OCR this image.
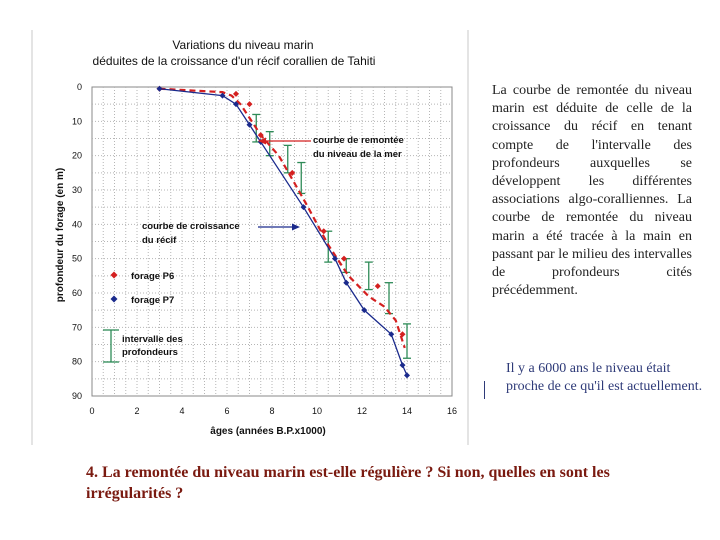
0	2	4	6	8	10	12	14	16
0
10
20
30
40
50
60
70
80
90
courbe de remontée
du niveau de la mer
courbe de croissance
du récif
forage P6
forage P7
intervalle des
profondeurs
Variations du niveau marin
déduites de la croissance d'un récif corallien de Tahiti
âges (années B.P.x1000)
profondeur du forage (en m)
La courbe de remontée du niveau marin est déduite de celle de la croissance du récif en tenant compte de l'intervalle des profondeurs auxquelles se développent les différentes associations algo-coralliennes. La courbe de remontée du niveau marin a été tracée à la main en passant par le milieu des intervalles de profondeurs cités précédemment.
Il y a 6000 ans le niveau était proche de ce qu'il est actuellement.
4. La remontée du niveau marin est-elle régulière ? Si non, quelles en sont les irrégularités ?
